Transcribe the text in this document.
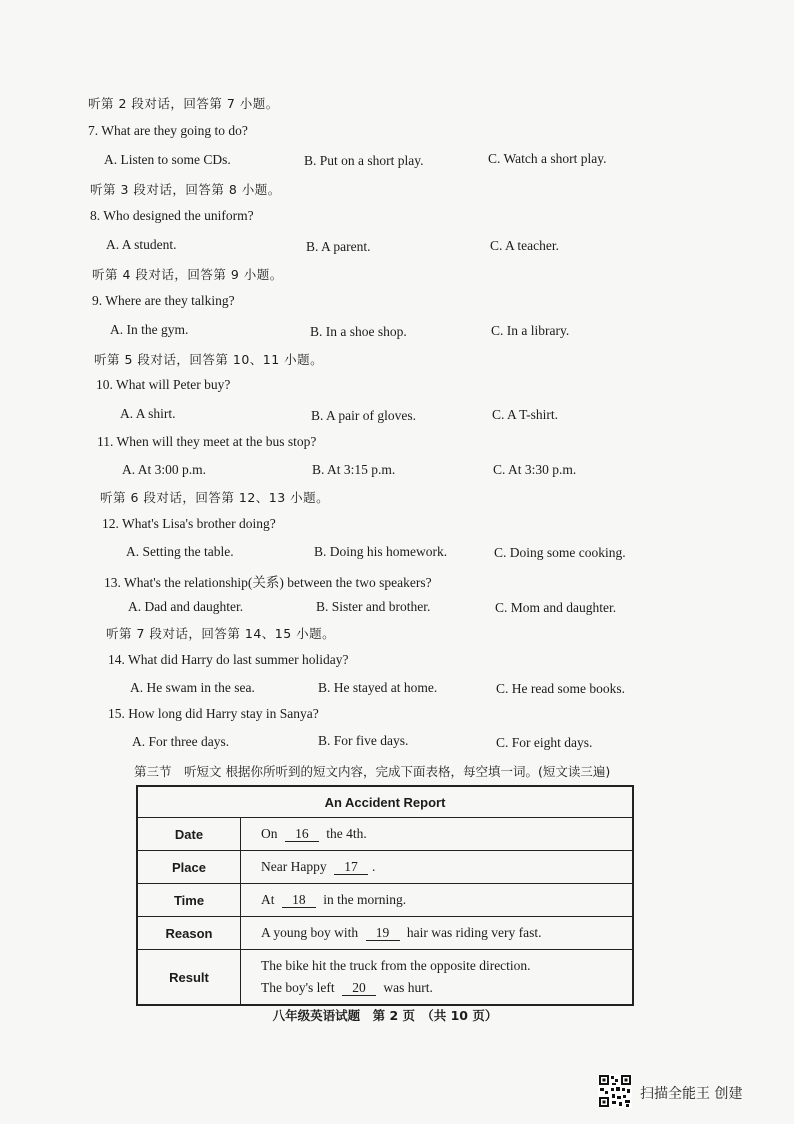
听第 2 段对话，回答第 7 小题。
7. What are they going to do?
A. Listen to some CDs.	B. Put on a short play.	C. Watch a short play.
听第 3 段对话，回答第 8 小题。
8. Who designed the uniform?
A. A student.	B. A parent.	C. A teacher.
听第 4 段对话，回答第 9 小题。
9. Where are they talking?
A. In the gym.	B. In a shoe shop.	C. In a library.
听第 5 段对话，回答第 10、11 小题。
10. What will Peter buy?
A. A shirt.	B. A pair of gloves.	C. A T-shirt.
11. When will they meet at the bus stop?
A. At 3:00 p.m.	B. At 3:15 p.m.	C. At 3:30 p.m.
听第 6 段对话，回答第 12、13 小题。
12. What's Lisa's brother doing?
A. Setting the table.	B. Doing his homework.	C. Doing some cooking.
13. What's the relationship(关系) between the two speakers?
A. Dad and daughter.	B. Sister and brother.	C. Mom and daughter.
听第 7 段对话，回答第 14、15 小题。
14. What did Harry do last summer holiday?
A. He swam in the sea.	B. He stayed at home.	C. He read some books.
15. How long did Harry stay in Sanya?
A. For three days.	B. For five days.	C. For eight days.
第三节　听短文 根据你所听到的短文内容，完成下面表格，每空填一词。(短文读三遍)
An Accident Report	
Date	On 16 the 4th.
Place	Near Happy 17 .
Time	At 18 in the morning.
Reason	A young boy with 19 hair was riding very fast.
Result	The bike hit the truck from the opposite direction.
The boy's left 20 was hurt.
八年级英语试题　第 2 页　（共 10 页）
扫描全能王 创建
